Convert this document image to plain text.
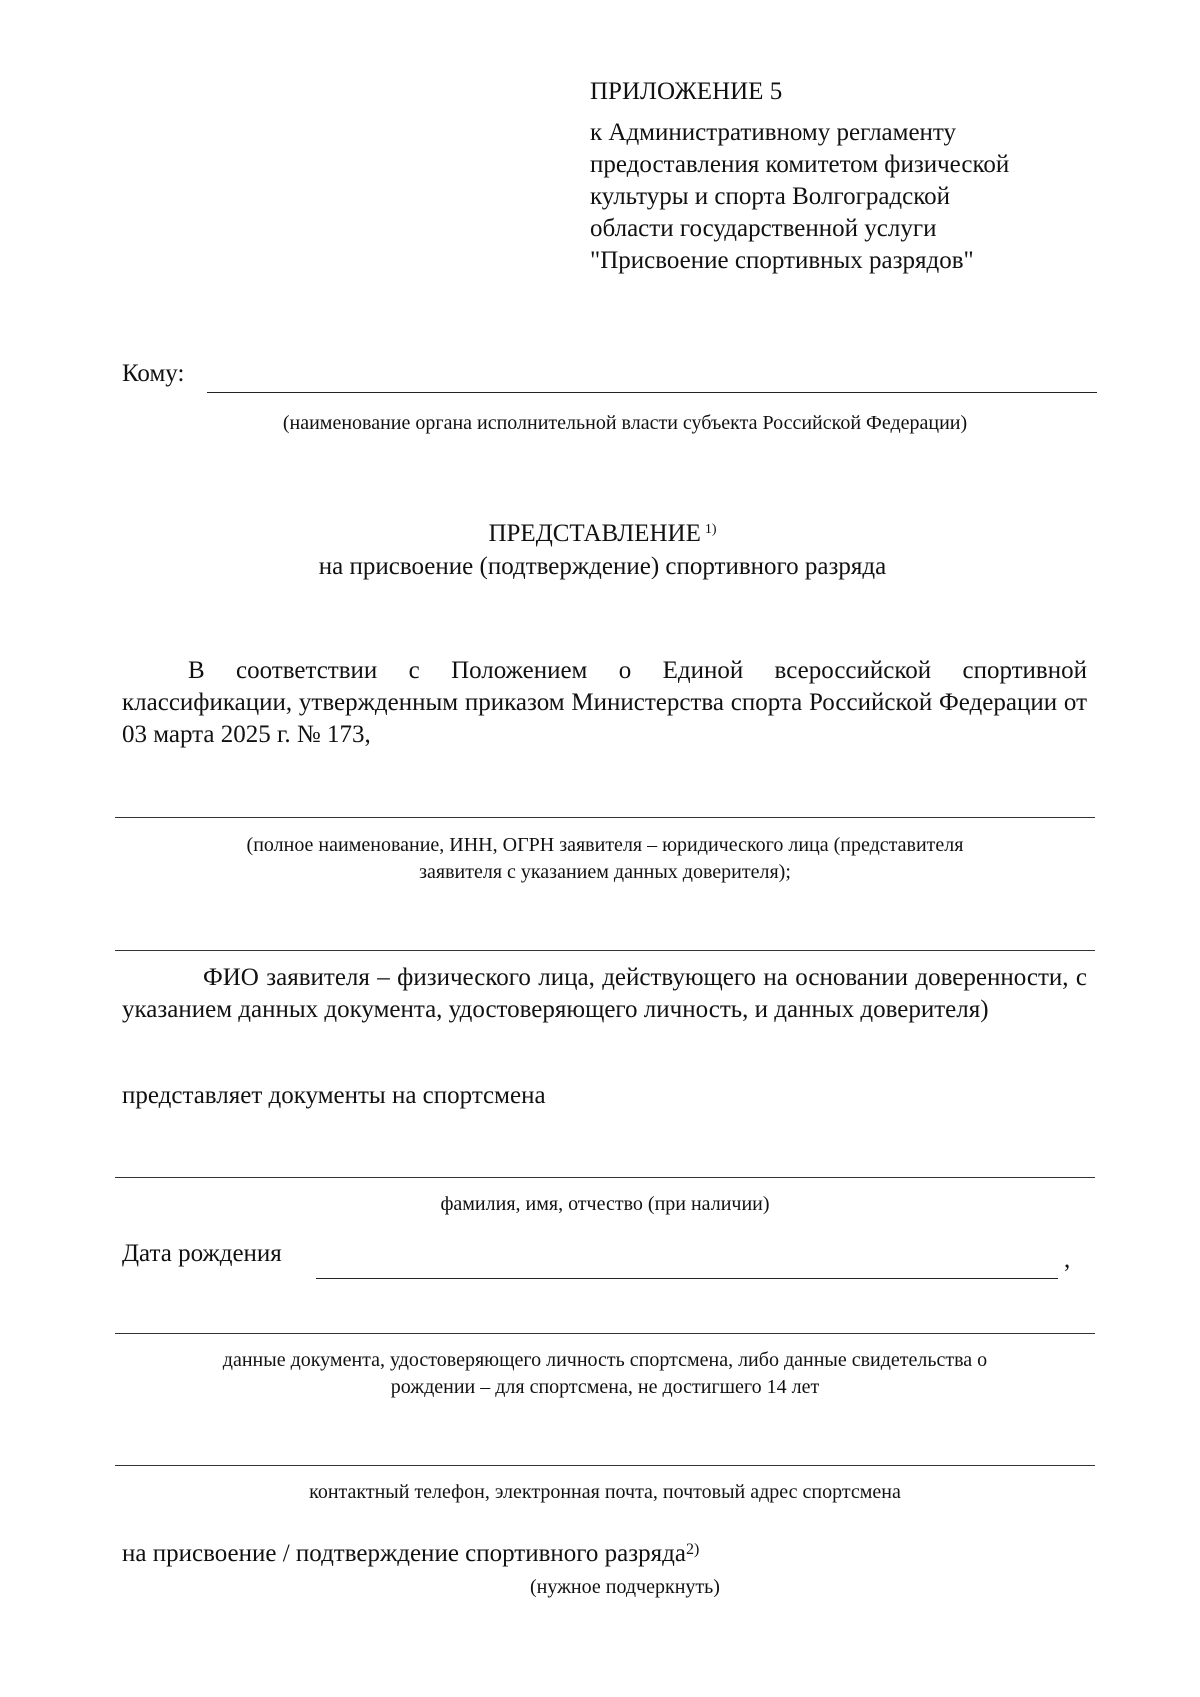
ПРИЛОЖЕНИЕ 5
к Административному регламенту
предоставления комитетом физической
культуры и спорта Волгоградской
области государственной услуги
"Присвоение спортивных разрядов"
Кому:
(наименование органа исполнительной власти субъекта Российской Федерации)
ПРЕДСТАВЛЕНИЕ $^{1)}$
на присвоение (подтверждение) спортивного разряда
В соответствии с Положением о Единой всероссийской спортивной классификации, утвержденным приказом Министерства спорта Российской Федерации от 03 марта 2025 г. № 173,
(полное наименование, ИНН, ОГРН заявителя – юридического лица (представителя
заявителя с указанием данных доверителя);
ФИО заявителя – физического лица, действующего на основании доверенности, с указанием данных документа, удостоверяющего личность, и данных доверителя)
представляет документы на спортсмена
фамилия, имя, отчество (при наличии)
Дата рождения	,
данные документа, удостоверяющего личность спортсмена, либо данные свидетельства о
рождении – для спортсмена, не достигшего 14 лет
контактный телефон, электронная почта, почтовый адрес спортсмена
на присвоение / подтверждение спортивного разряда$^{2)}$
(нужное подчеркнуть)
